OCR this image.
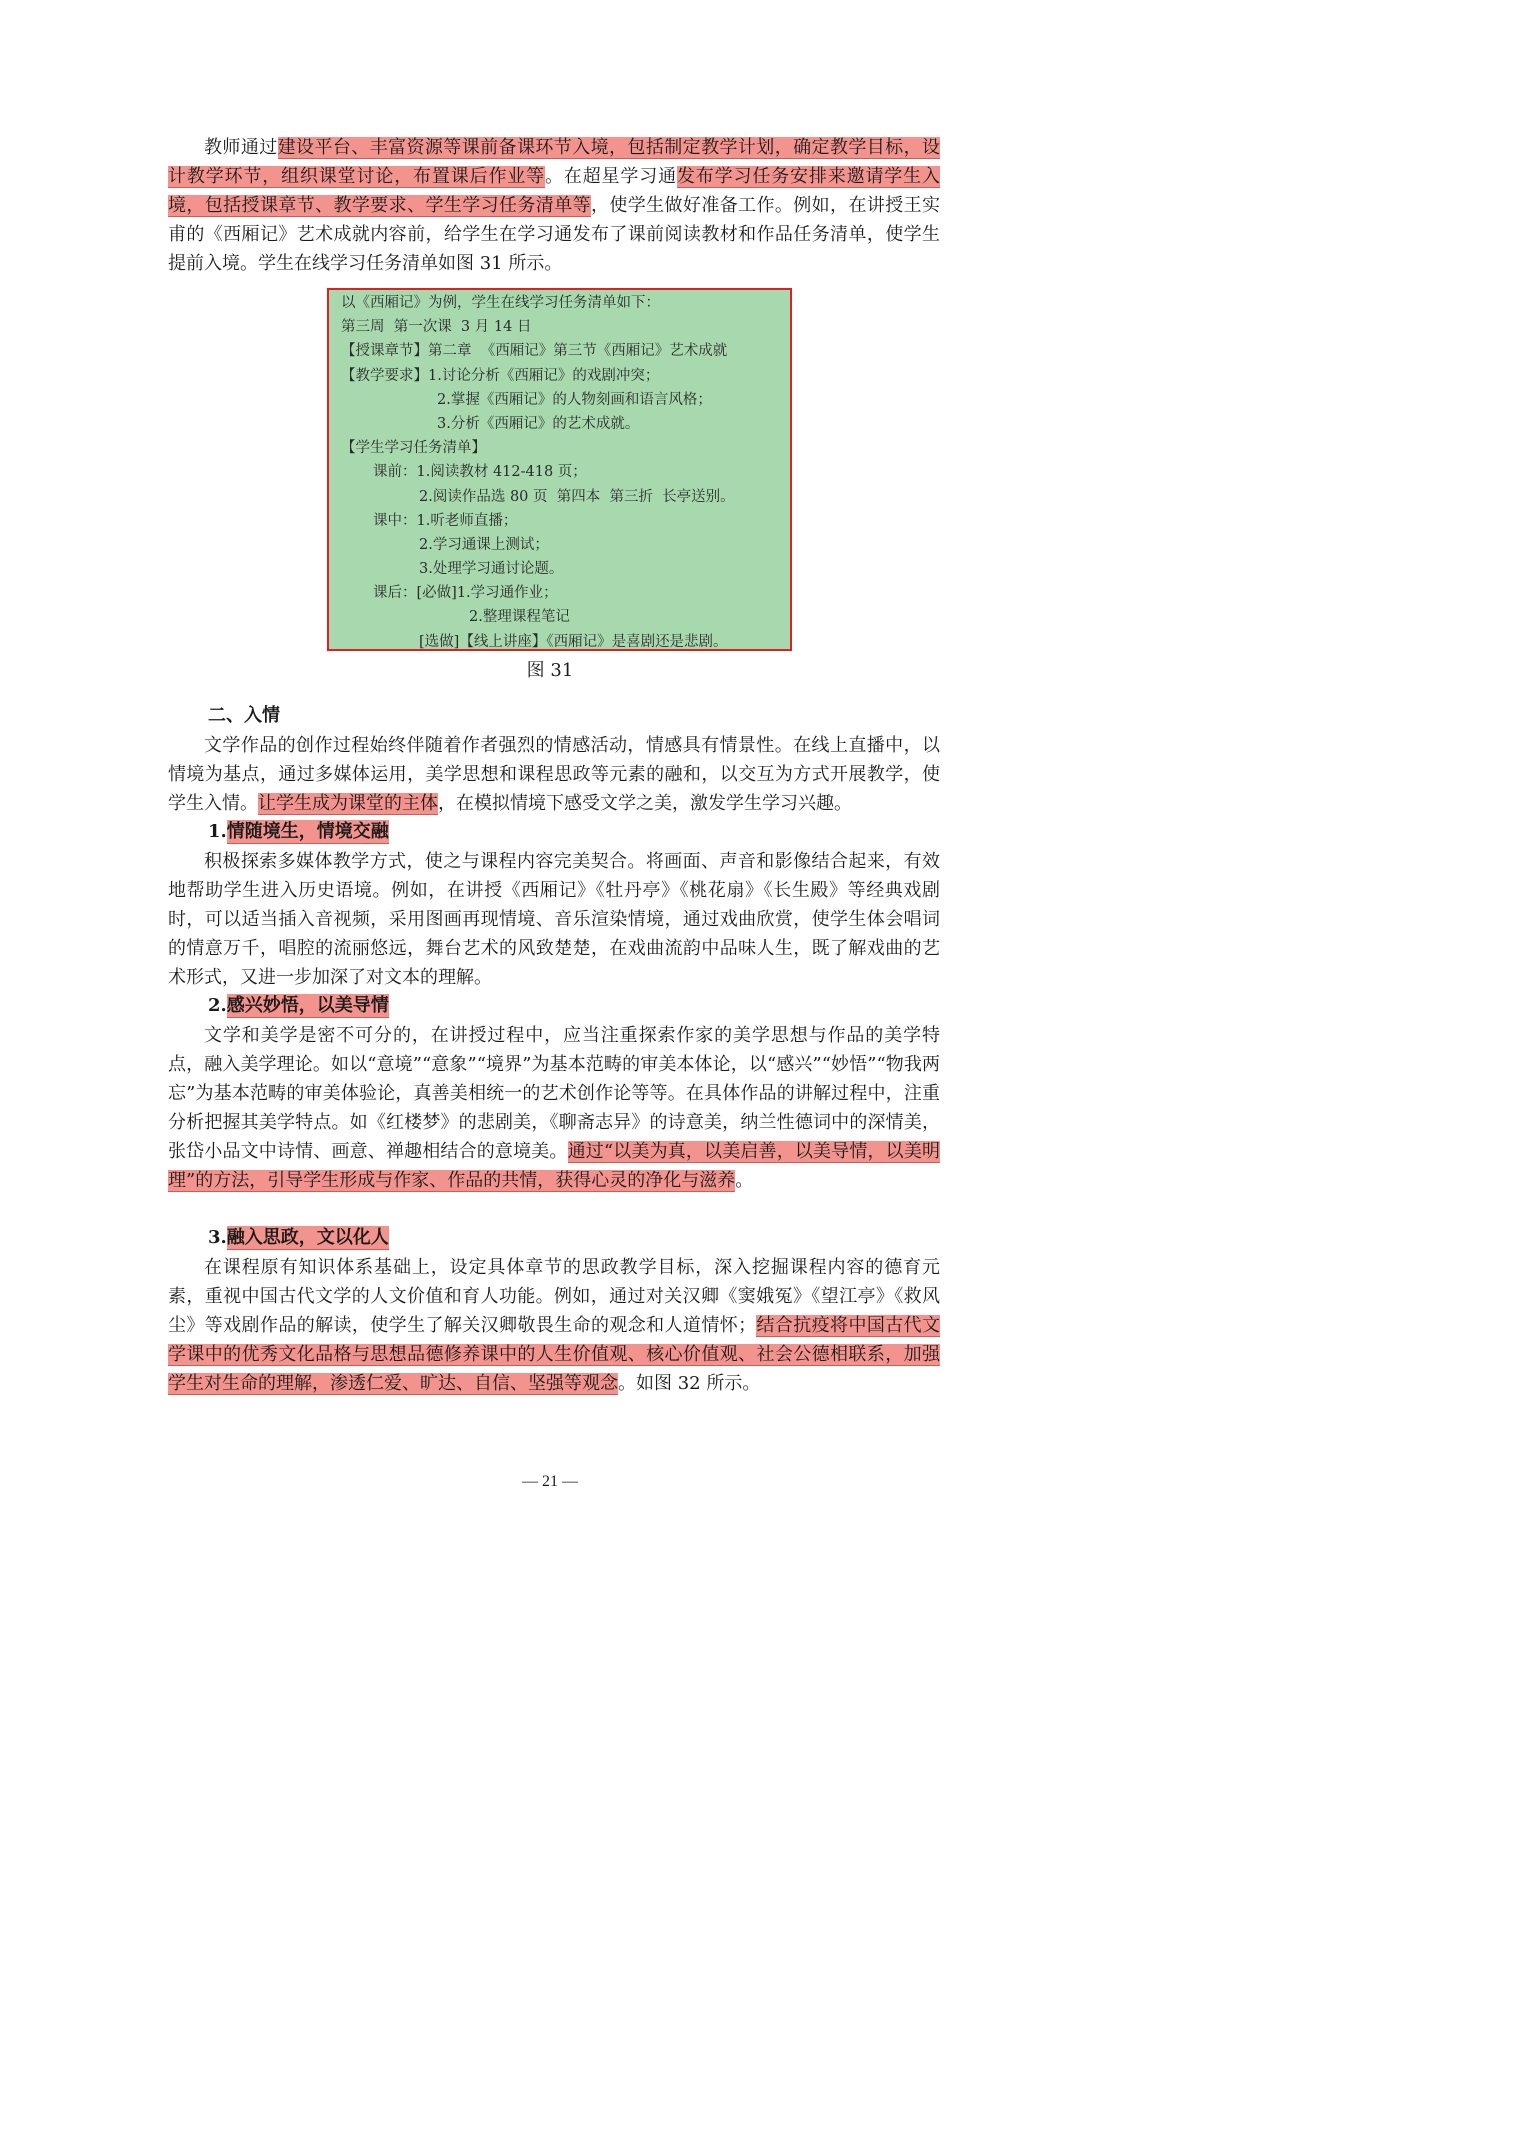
教师通过建设平台、丰富资源等课前备课环节入境，包括制定教学计划，确定教学目标，设计教学环节，组织课堂讨论，布置课后作业等。在超星学习通发布学习任务安排来邀请学生入境，包括授课章节、教学要求、学生学习任务清单等，使学生做好准备工作。例如，在讲授王实甫的《西厢记》艺术成就内容前，给学生在学习通发布了课前阅读教材和作品任务清单，使学生提前入境。学生在线学习任务清单如图 31 所示。
以《西厢记》为例，学生在线学习任务清单如下：
第三周  第一次课  3 月 14 日
【授课章节】第二章  《西厢记》第三节《西厢记》艺术成就
【教学要求】1.讨论分析《西厢记》的戏剧冲突；
2.掌握《西厢记》的人物刻画和语言风格；
3.分析《西厢记》的艺术成就。
【学生学习任务清单】
课前：1.阅读教材 412-418 页；
2.阅读作品选 80 页  第四本  第三折  长亭送别。
课中：1.听老师直播；
2.学习通课上测试；
3.处理学习通讨论题。
课后：[必做]1.学习通作业；
2.整理课程笔记
[选做]【线上讲座】《西厢记》是喜剧还是悲剧。
图 31
二、入情
文学作品的创作过程始终伴随着作者强烈的情感活动，情感具有情景性。在线上直播中，以情境为基点，通过多媒体运用，美学思想和课程思政等元素的融和，以交互为方式开展教学，使学生入情。让学生成为课堂的主体，在模拟情境下感受文学之美，激发学生学习兴趣。
1.情随境生，情境交融
积极探索多媒体教学方式，使之与课程内容完美契合。将画面、声音和影像结合起来，有效地帮助学生进入历史语境。例如，在讲授《西厢记》《牡丹亭》《桃花扇》《长生殿》等经典戏剧时，可以适当插入音视频，采用图画再现情境、音乐渲染情境，通过戏曲欣赏，使学生体会唱词的情意万千，唱腔的流丽悠远，舞台艺术的风致楚楚，在戏曲流韵中品味人生，既了解戏曲的艺术形式，又进一步加深了对文本的理解。
2.感兴妙悟，以美导情
文学和美学是密不可分的，在讲授过程中，应当注重探索作家的美学思想与作品的美学特点，融入美学理论。如以“意境”“意象”“境界”为基本范畴的审美本体论，以“感兴”“妙悟”“物我两忘”为基本范畴的审美体验论，真善美相统一的艺术创作论等等。在具体作品的讲解过程中，注重分析把握其美学特点。如《红楼梦》的悲剧美，《聊斋志异》的诗意美，纳兰性德词中的深情美，张岱小品文中诗情、画意、禅趣相结合的意境美。通过“以美为真，以美启善，以美导情，以美明理”的方法，引导学生形成与作家、作品的共情，获得心灵的净化与滋养。
3.融入思政，文以化人
在课程原有知识体系基础上，设定具体章节的思政教学目标，深入挖掘课程内容的德育元素，重视中国古代文学的人文价值和育人功能。例如，通过对关汉卿《窦娥冤》《望江亭》《救风尘》等戏剧作品的解读，使学生了解关汉卿敬畏生命的观念和人道情怀；结合抗疫将中国古代文学课中的优秀文化品格与思想品德修养课中的人生价值观、核心价值观、社会公德相联系，加强学生对生命的理解，渗透仁爱、旷达、自信、坚强等观念。如图 32 所示。
— 21 —
